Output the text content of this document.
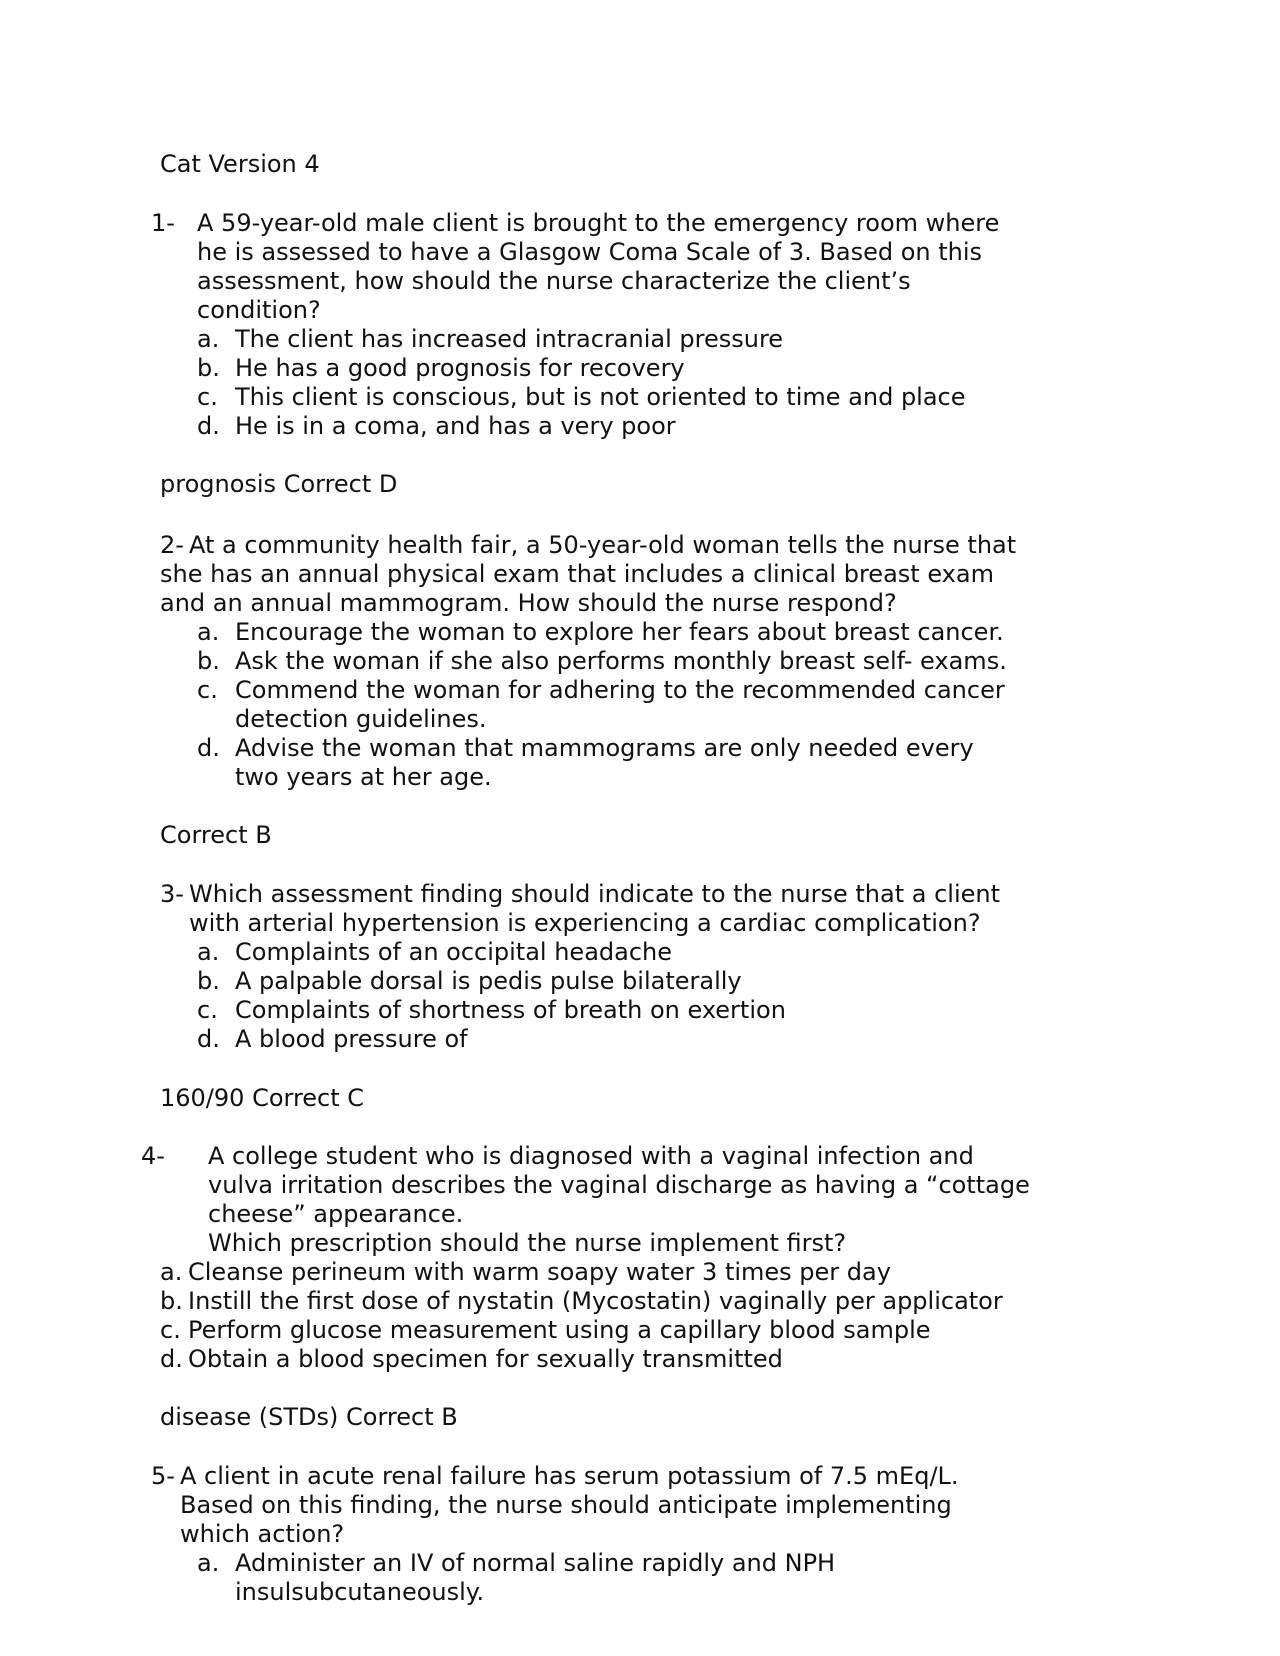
Cat Version 4
1- A 59-year-old male client is brought to the emergency room where
he is assessed to have a Glasgow Coma Scale of 3. Based on this
assessment, how should the nurse characterize the client’s
condition?
a. The client has increased intracranial pressure
b. He has a good prognosis for recovery
c. This client is conscious, but is not oriented to time and place
d. He is in a coma, and has a very poor
prognosis Correct D
2- At a community health fair, a 50-year-old woman tells the nurse that
she has an annual physical exam that includes a clinical breast exam
and an annual mammogram. How should the nurse respond?
a. Encourage the woman to explore her fears about breast cancer.
b. Ask the woman if she also performs monthly breast self- exams.
c. Commend the woman for adhering to the recommended cancer
detection guidelines.
d. Advise the woman that mammograms are only needed every
two years at her age.
Correct B
3- Which assessment finding should indicate to the nurse that a client
with arterial hypertension is experiencing a cardiac complication?
a. Complaints of an occipital headache
b. A palpable dorsal is pedis pulse bilaterally
c. Complaints of shortness of breath on exertion
d. A blood pressure of
160/90 Correct C
4- A college student who is diagnosed with a vaginal infection and
vulva irritation describes the vaginal discharge as having a “cottage
cheese” appearance.
Which prescription should the nurse implement first?
a. Cleanse perineum with warm soapy water 3 times per day
b. Instill the first dose of nystatin (Mycostatin) vaginally per applicator
c. Perform glucose measurement using a capillary blood sample
d. Obtain a blood specimen for sexually transmitted
disease (STDs) Correct B
5- A client in acute renal failure has serum potassium of 7.5 mEq/L.
Based on this finding, the nurse should anticipate implementing
which action?
a. Administer an IV of normal saline rapidly and NPH
insulsubcutaneously.
